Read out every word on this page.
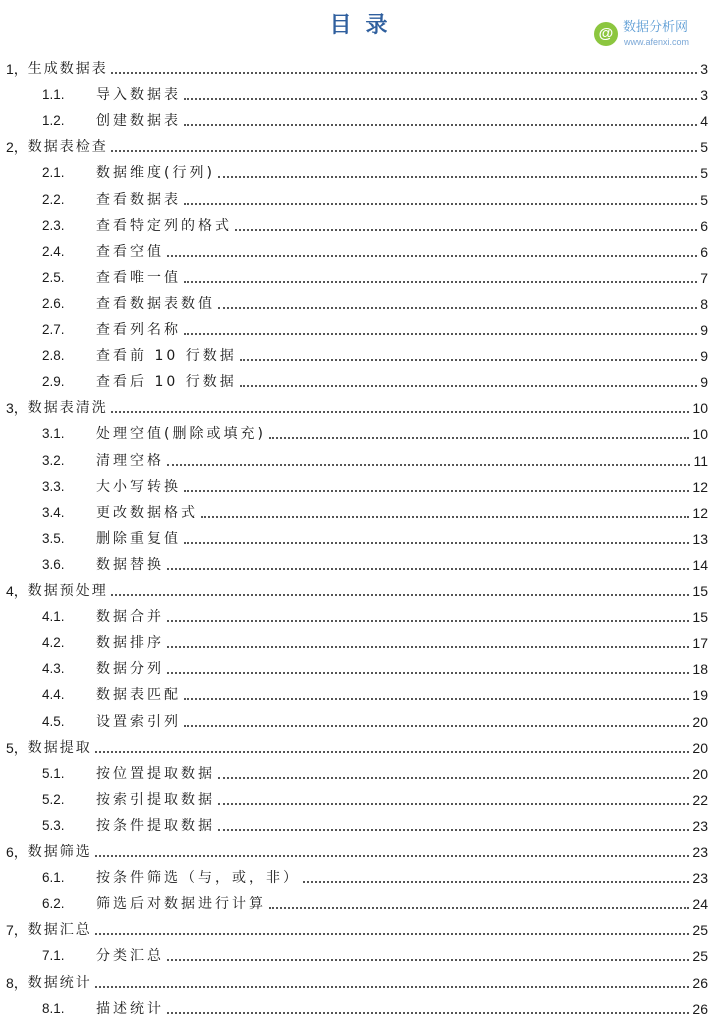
目录	@ 数据分析网
www.afenxi.com
1， 生成数据表	3
1.1.	导入数据表	3
1.2.	创建数据表	4
2， 数据表检查	5
2.1.	数据维度(行列)	5
2.2.	查看数据表	5
2.3.	查看特定列的格式	6
2.4.	查看空值	6
2.5.	查看唯一值	7
2.6.	查看数据表数值	8
2.7.	查看列名称	9
2.8.	查看前 10 行数据	9
2.9.	查看后 10 行数据	9
3， 数据表清洗	10
3.1.	处理空值(删除或填充)	10
3.2.	清理空格	11
3.3.	大小写转换	12
3.4.	更改数据格式	12
3.5.	删除重复值	13
3.6.	数据替换	14
4， 数据预处理	15
4.1.	数据合并	15
4.2.	数据排序	17
4.3.	数据分列	18
4.4.	数据表匹配	19
4.5.	设置索引列	20
5， 数据提取	20
5.1.	按位置提取数据	20
5.2.	按索引提取数据	22
5.3.	按条件提取数据	23
6， 数据筛选	23
6.1.	按条件筛选（与，或，非）	23
6.2.	筛选后对数据进行计算	24
7， 数据汇总	25
7.1.	分类汇总	25
8， 数据统计	26
8.1.	描述统计	26
